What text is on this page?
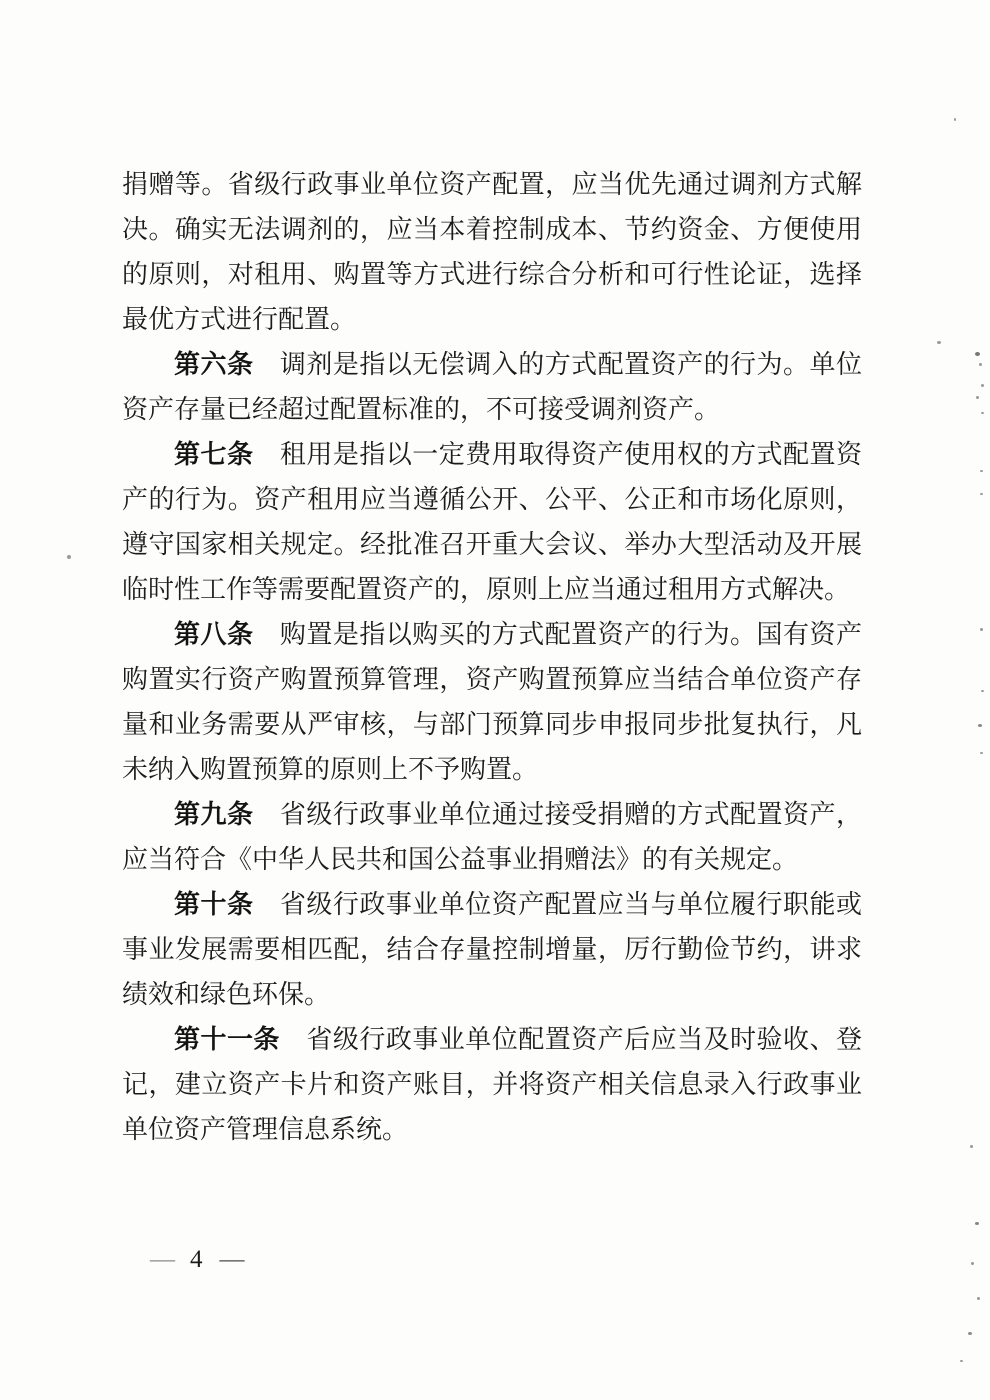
捐赠等。省级行政事业单位资产配置，应当优先通过调剂方式解决。确实无法调剂的，应当本着控制成本、节约资金、方便使用的原则，对租用、购置等方式进行综合分析和可行性论证，选择最优方式进行配置。

第六条　调剂是指以无偿调入的方式配置资产的行为。单位资产存量已经超过配置标准的，不可接受调剂资产。

第七条　租用是指以一定费用取得资产使用权的方式配置资产的行为。资产租用应当遵循公开、公平、公正和市场化原则，遵守国家相关规定。经批准召开重大会议、举办大型活动及开展临时性工作等需要配置资产的，原则上应当通过租用方式解决。

第八条　购置是指以购买的方式配置资产的行为。国有资产购置实行资产购置预算管理，资产购置预算应当结合单位资产存量和业务需要从严审核，与部门预算同步申报同步批复执行，凡未纳入购置预算的原则上不予购置。

第九条　省级行政事业单位通过接受捐赠的方式配置资产，应当符合《中华人民共和国公益事业捐赠法》的有关规定。

第十条　省级行政事业单位资产配置应当与单位履行职能或事业发展需要相匹配，结合存量控制增量，厉行勤俭节约，讲求绩效和绿色环保。

第十一条　省级行政事业单位配置资产后应当及时验收、登记，建立资产卡片和资产账目，并将资产相关信息录入行政事业单位资产管理信息系统。

— 4 —
